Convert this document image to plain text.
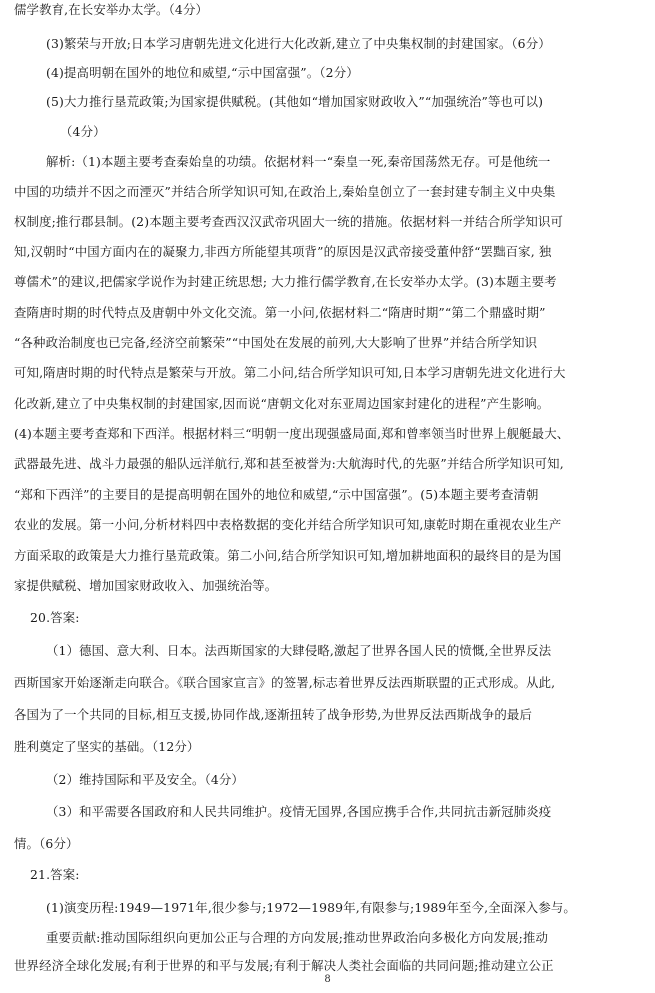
儒学教育,在长安举办太学。（4分）
(3)繁荣与开放;日本学习唐朝先进文化进行大化改新,建立了中央集权制的封建国家。（6分）
(4)提高明朝在国外的地位和威望,“示中国富强”。（2分）
(5)大力推行垦荒政策;为国家提供赋税。(其他如“增加国家财政收入”“加强统治”等也可以)
（4分）
解析:（1)本题主要考查秦始皇的功绩。依据材料一“秦皇一死,秦帝国荡然无存。可是他统一
中国的功绩并不因之而湮灭”并结合所学知识可知,在政治上,秦始皇创立了一套封建专制主义中央集
权制度;推行郡县制。(2)本题主要考查西汉汉武帝巩固大一统的措施。依据材料一并结合所学知识可
知,汉朝时“中国方面内在的凝聚力,非西方所能望其项背”的原因是汉武帝接受董仲舒“罢黜百家, 独
尊儒术”的建议,把儒家学说作为封建正统思想; 大力推行儒学教育,在长安举办太学。(3)本题主要考
查隋唐时期的时代特点及唐朝中外文化交流。第一小问,依据材料二“隋唐时期”“第二个鼎盛时期”
“各种政治制度也已完备,经济空前繁荣”“中国处在发展的前列,大大影响了世界”并结合所学知识
可知,隋唐时期的时代特点是繁荣与开放。第二小问,结合所学知识可知,日本学习唐朝先进文化进行大
化改新,建立了中央集权制的封建国家,因而说“唐朝文化对东亚周边国家封建化的进程”产生影响。
(4)本题主要考查郑和下西洋。根据材料三“明朝一度出现强盛局面,郑和曾率领当时世界上舰艇最大、
武器最先进、战斗力最强的船队远洋航行,郑和甚至被誉为:大航海时代,的先驱”并结合所学知识可知,
“郑和下西洋”的主要目的是提高明朝在国外的地位和威望,“示中国富强”。(5)本题主要考查清朝
农业的发展。第一小问,分析材料四中表格数据的变化并结合所学知识可知,康乾时期在重视农业生产
方面采取的政策是大力推行垦荒政策。第二小问,结合所学知识可知,增加耕地面积的最终目的是为国
家提供赋税、增加国家财政收入、加强统治等。
20.答案:
（1）德国、意大利、日本。法西斯国家的大肆侵略,激起了世界各国人民的愤慨,全世界反法
西斯国家开始逐渐走向联合。《联合国家宣言》的签署,标志着世界反法西斯联盟的正式形成。从此,
各国为了一个共同的目标,相互支援,协同作战,逐渐扭转了战争形势,为世界反法西斯战争的最后
胜利奠定了坚实的基础。（12分）
（2）维持国际和平及安全。（4分）
（3）和平需要各国政府和人民共同维护。疫情无国界,各国应携手合作,共同抗击新冠肺炎疫
情。（6分）
21.答案:
(1)演变历程:1949—1971年,很少参与;1972—1989年,有限参与;1989年至今,全面深入参与。
重要贡献:推动国际组织向更加公正与合理的方向发展;推动世界政治向多极化方向发展;推动
世界经济全球化发展;有利于世界的和平与发展;有利于解决人类社会面临的共同问题;推动建立公正
8
